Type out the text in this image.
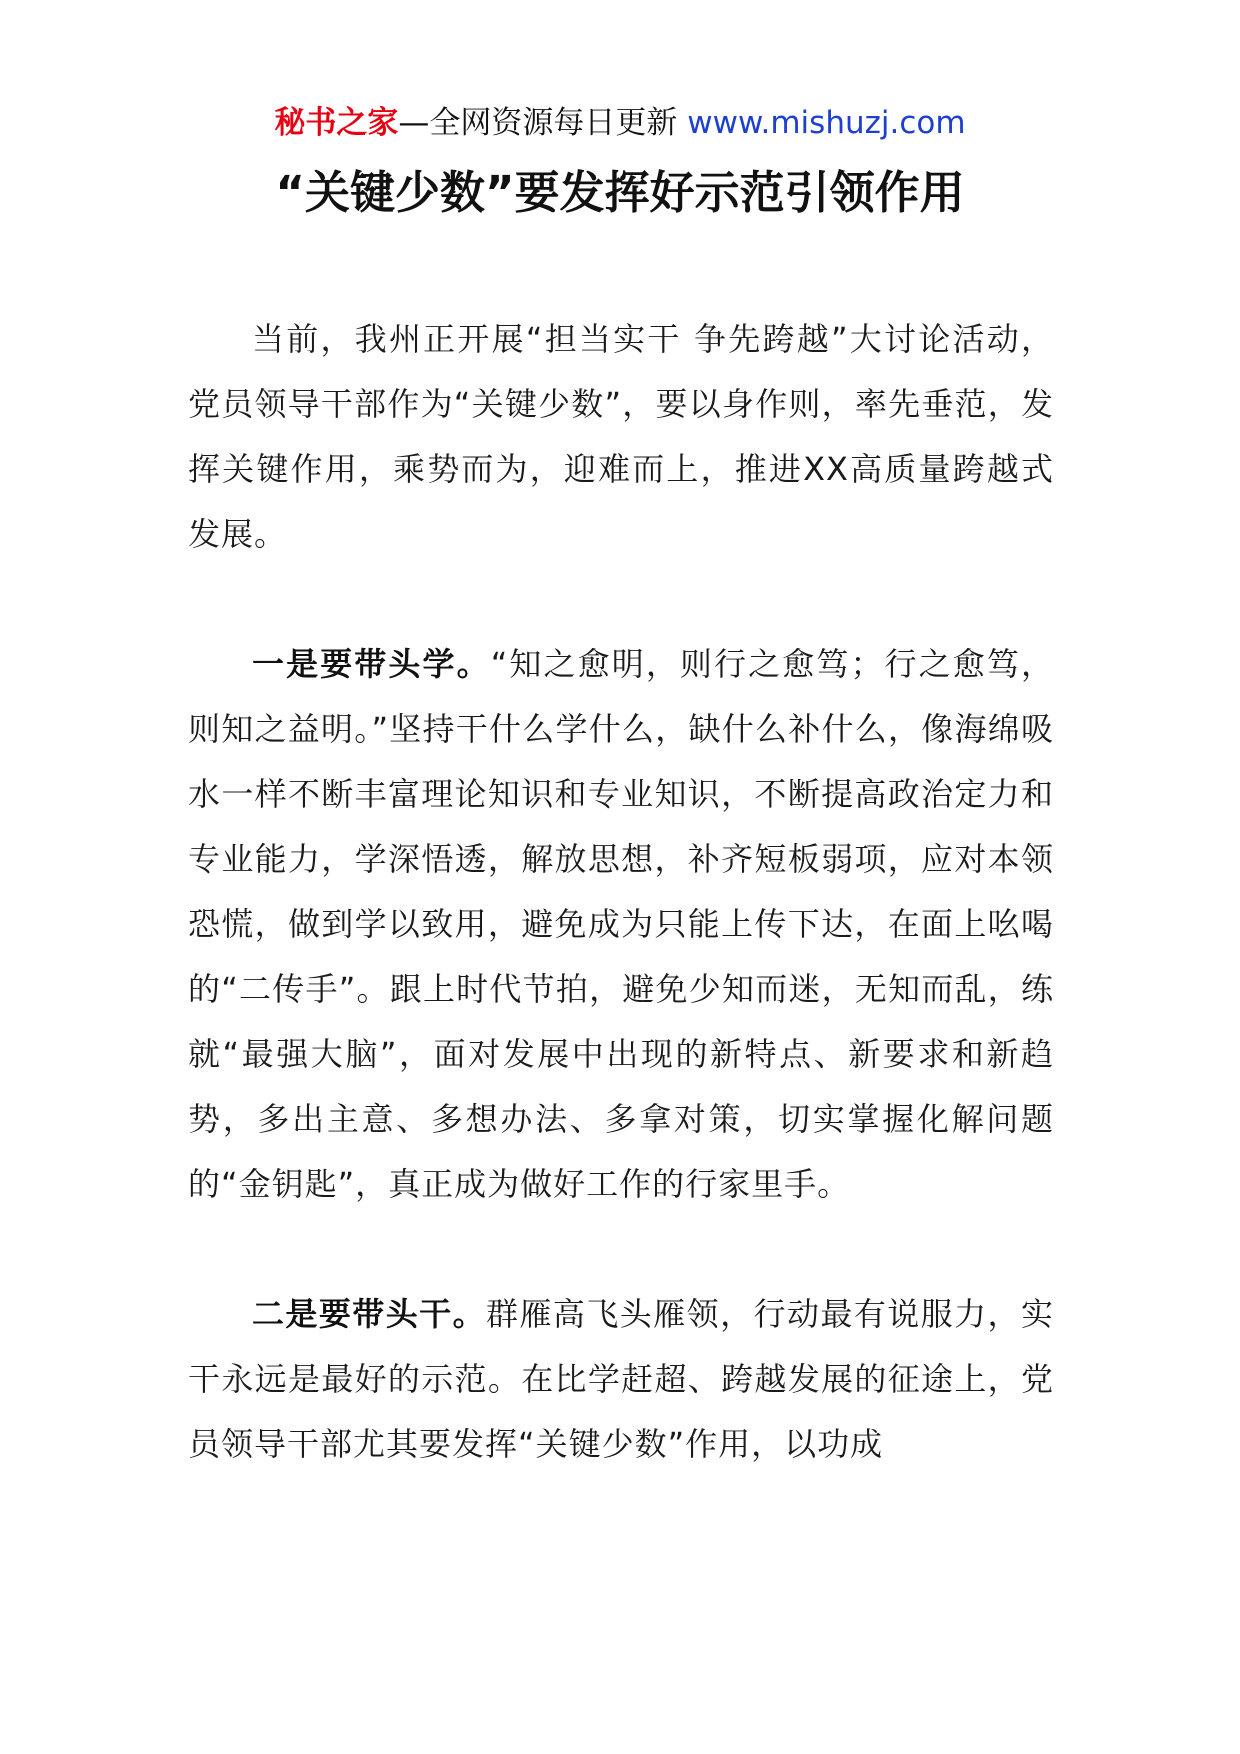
秘书之家—全网资源每日更新 www.mishuzj.com
“关键少数”要发挥好示范引领作用

当前，我州正开展“担当实干 争先跨越”大讨论活动，党员领导干部作为“关键少数”，要以身作则，率先垂范，发挥关键作用，乘势而为，迎难而上，推进XX高质量跨越式发展。

一是要带头学。“知之愈明，则行之愈笃；行之愈笃，则知之益明。”坚持干什么学什么，缺什么补什么，像海绵吸水一样不断丰富理论知识和专业知识，不断提高政治定力和专业能力，学深悟透，解放思想，补齐短板弱项，应对本领恐慌，做到学以致用，避免成为只能上传下达，在面上吆喝的“二传手”。跟上时代节拍，避免少知而迷，无知而乱，练就“最强大脑”，面对发展中出现的新特点、新要求和新趋势，多出主意、多想办法、多拿对策，切实掌握化解问题的“金钥匙”，真正成为做好工作的行家里手。

二是要带头干。群雁高飞头雁领，行动最有说服力，实干永远是最好的示范。在比学赶超、跨越发展的征途上，党员领导干部尤其要发挥“关键少数”作用，以功成
